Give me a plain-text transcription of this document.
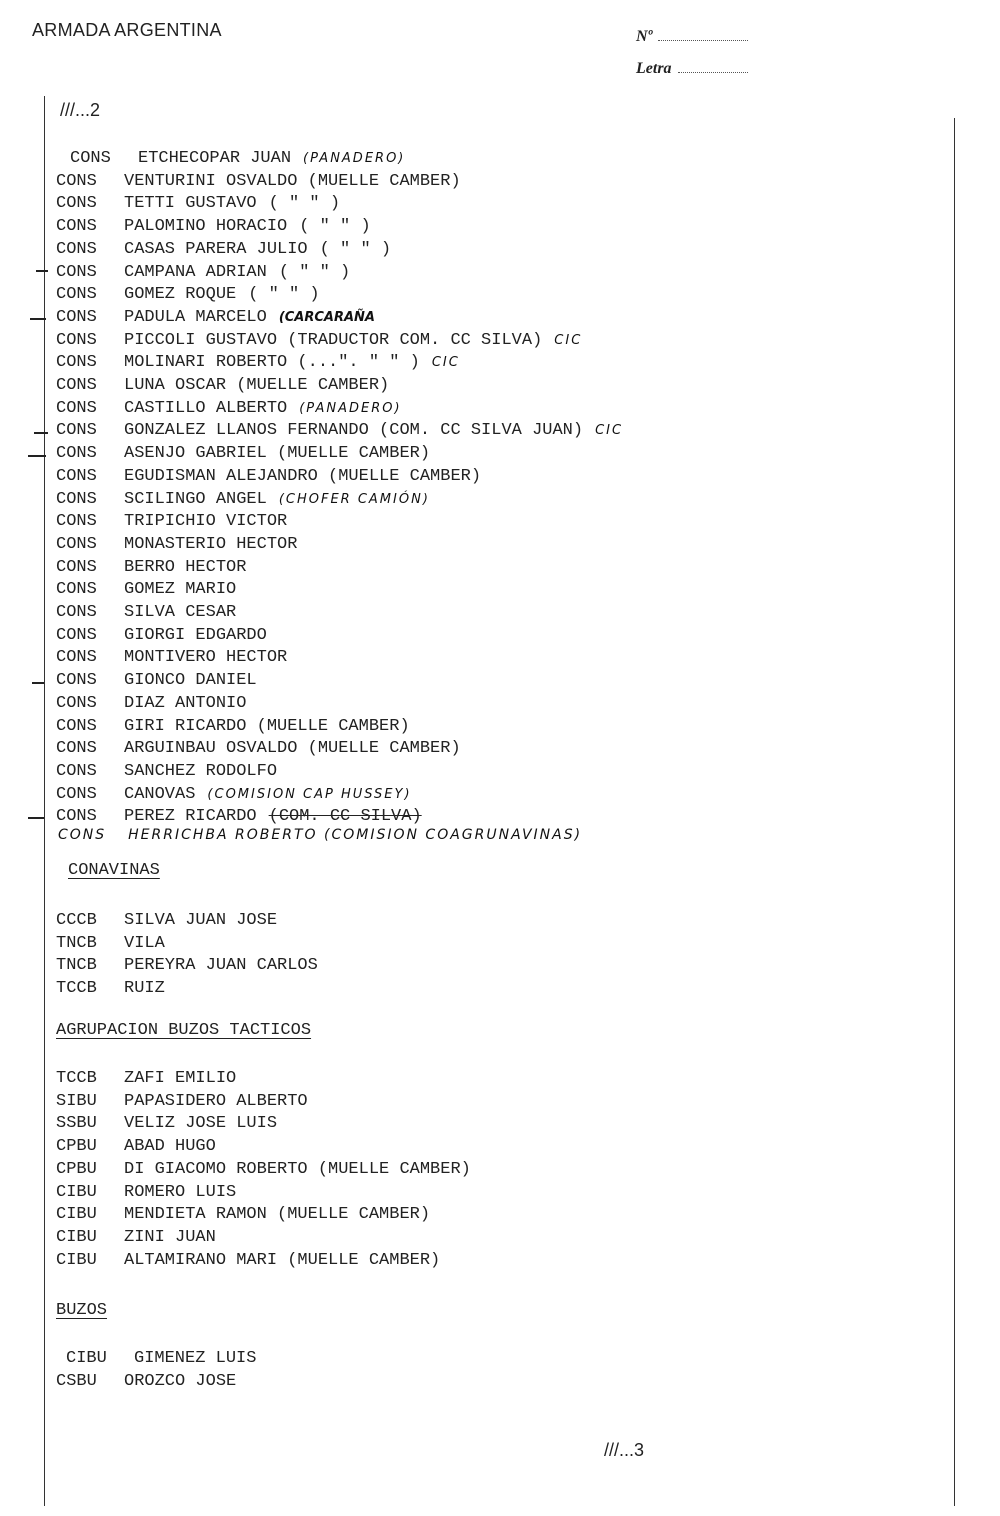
ARMADA ARGENTINA	Nº
Letra
///...2
CONS	ETCHECOPAR JUAN (PANADERO)
CONS	VENTURINI OSVALDO (MUELLE CAMBER)
CONS	TETTI GUSTAVO ( " " )
CONS	PALOMINO HORACIO ( " " )
CONS	CASAS PARERA JULIO ( " " )
CONS	CAMPANA ADRIAN ( " " )
CONS	GOMEZ ROQUE ( " " )
CONS	PADULA MARCELO (CARCARAÑA
CONS	PICCOLI GUSTAVO (TRADUCTOR COM. CC SILVA) CIC
CONS	MOLINARI ROBERTO (...". " " ) CIC
CONS	LUNA OSCAR (MUELLE CAMBER)
CONS	CASTILLO ALBERTO (PANADERO)
CONS	GONZALEZ LLANOS FERNANDO (COM. CC SILVA JUAN) CIC
CONS	ASENJO GABRIEL (MUELLE CAMBER)
CONS	EGUDISMAN ALEJANDRO (MUELLE CAMBER)
CONS	SCILINGO ANGEL (CHOFER CAMIÓN)
CONS	TRIPICHIO VICTOR
CONS	MONASTERIO HECTOR
CONS	BERRO HECTOR
CONS	GOMEZ MARIO
CONS	SILVA CESAR
CONS	GIORGI EDGARDO
CONS	MONTIVERO HECTOR
CONS	GIONCO DANIEL
CONS	DIAZ ANTONIO
CONS	GIRI RICARDO (MUELLE CAMBER)
CONS	ARGUINBAU OSVALDO (MUELLE CAMBER)
CONS	SANCHEZ RODOLFO
CONS	CANOVAS (COMISION CAP HUSSEY)
CONS	PEREZ RICARDO (COM. CC SILVA)
CONS HERRICHBA ROBERTO (COMISION COAGRUNAVINAS)
CONAVINAS
CCCB	SILVA JUAN JOSE
TNCB	VILA
TNCB	PEREYRA JUAN CARLOS
TCCB	RUIZ
AGRUPACION BUZOS TACTICOS
TCCB	ZAFI EMILIO
SIBU	PAPASIDERO ALBERTO
SSBU	VELIZ JOSE LUIS
CPBU	ABAD HUGO
CPBU	DI GIACOMO ROBERTO (MUELLE CAMBER)
CIBU	ROMERO LUIS
CIBU	MENDIETA RAMON (MUELLE CAMBER)
CIBU	ZINI JUAN
CIBU	ALTAMIRANO MARI (MUELLE CAMBER)
BUZOS
CIBU	GIMENEZ LUIS
CSBU	OROZCO JOSE
///...3
